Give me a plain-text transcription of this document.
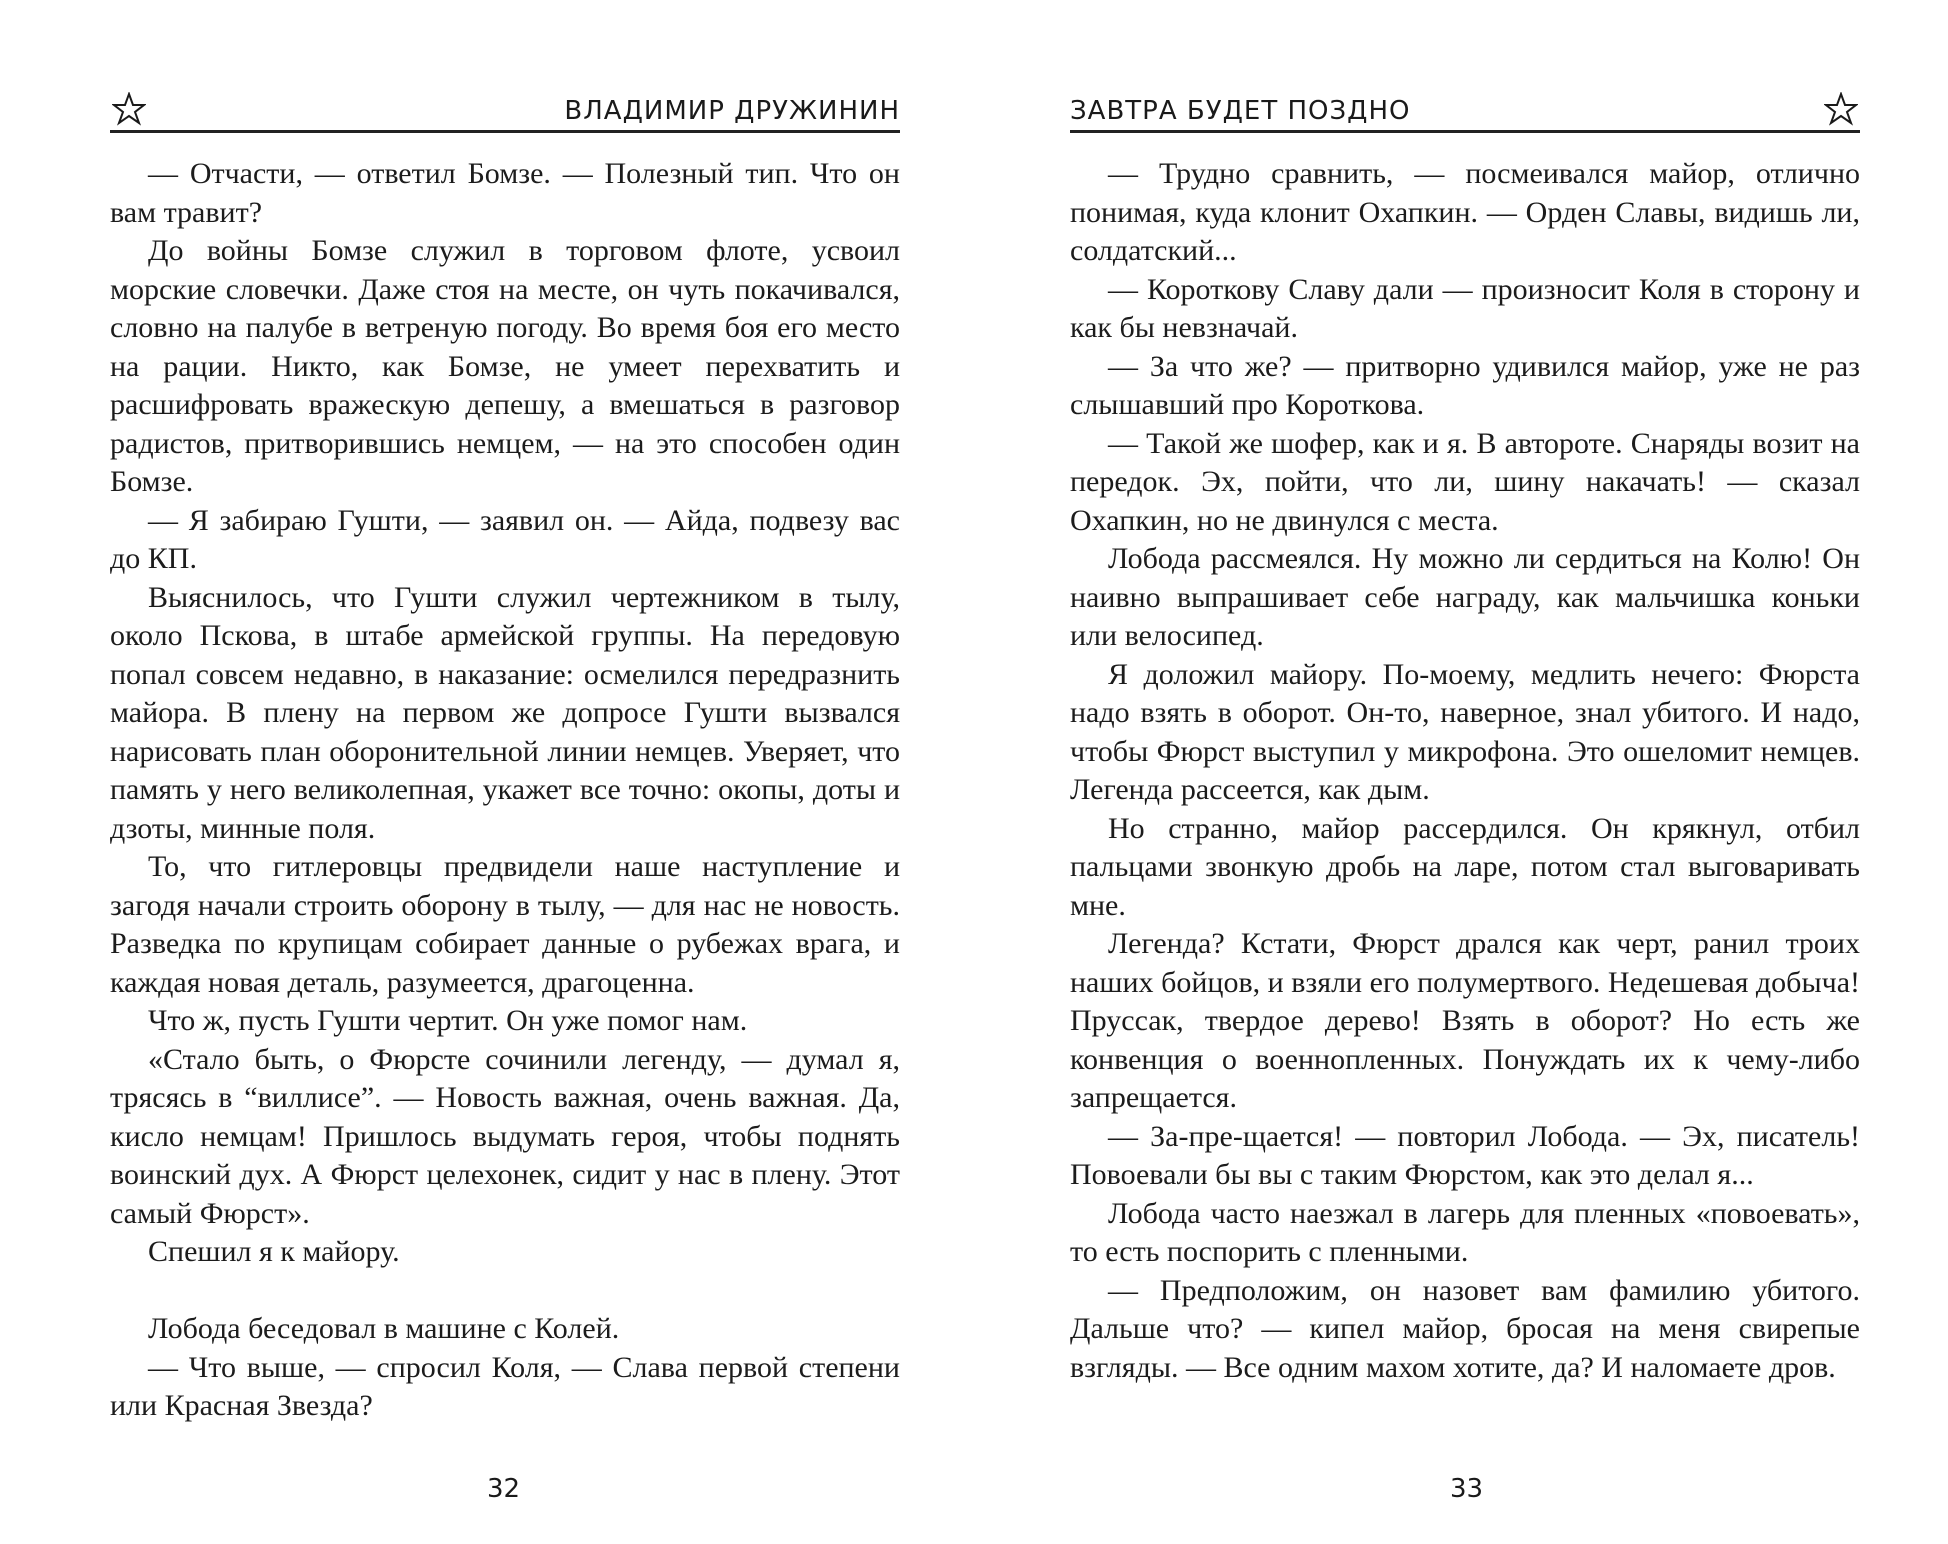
ВЛАДИМИР ДРУЖИНИН

— Отчасти, — ответил Бомзе. — Полезный тип. Что он вам травит?

До войны Бомзе служил в торговом флоте, усвоил морские словечки. Даже стоя на месте, он чуть покачивался, словно на палубе в ветреную погоду. Во время боя его место на рации. Никто, как Бомзе, не умеет перехватить и расшифровать вражескую депешу, а вмешаться в разговор радистов, притворившись немцем, — на это способен один Бомзе.

— Я забираю Гушти, — заявил он. — Айда, подвезу вас до КП.

Выяснилось, что Гушти служил чертежником в тылу, около Пскова, в штабе армейской группы. На передовую попал совсем недавно, в наказание: осмелился передразнить майора. В плену на первом же допросе Гушти вызвался нарисовать план оборонительной линии немцев. Уверяет, что память у него великолепная, укажет все точно: окопы, доты и дзоты, минные поля.

То, что гитлеровцы предвидели наше наступление и загодя начали строить оборону в тылу, — для нас не новость. Разведка по крупицам собирает данные о рубежах врага, и каждая новая деталь, разумеется, драгоценна.

Что ж, пусть Гушти чертит. Он уже помог нам.

«Стало быть, о Фюрсте сочинили легенду, — думал я, трясясь в “виллисе”. — Новость важная, очень важная. Да, кисло немцам! Пришлось выдумать героя, чтобы поднять воинский дух. А Фюрст целехонек, сидит у нас в плену. Этот самый Фюрст».

Спешил я к майору.

Лобода беседовал в машине с Колей.

— Что выше, — спросил Коля, — Слава первой степени или Красная Звезда?

32
ЗАВТРА БУДЕТ ПОЗДНО

— Трудно сравнить, — посмеивался майор, отлично понимая, куда клонит Охапкин. — Орден Славы, видишь ли, солдатский...

— Короткову Славу дали — произносит Коля в сторону и как бы невзначай.

— За что же? — притворно удивился майор, уже не раз слышавший про Короткова.

— Такой же шофер, как и я. В автороте. Снаряды возит на передок. Эх, пойти, что ли, шину накачать! — сказал Охапкин, но не двинулся с места.

Лобода рассмеялся. Ну можно ли сердиться на Колю! Он наивно выпрашивает себе награду, как мальчишка коньки или велосипед.

Я доложил майору. По-моему, медлить нечего: Фюрста надо взять в оборот. Он-то, наверное, знал убитого. И надо, чтобы Фюрст выступил у микрофона. Это ошеломит немцев. Легенда рассеется, как дым.

Но странно, майор рассердился. Он крякнул, отбил пальцами звонкую дробь на ларе, потом стал выговаривать мне.

Легенда? Кстати, Фюрст дрался как черт, ранил троих наших бойцов, и взяли его полумертвого. Недешевая добыча! Пруссак, твердое дерево! Взять в оборот? Но есть же конвенция о военнопленных. Понуждать их к чему-либо запрещается.

— За-пре-щается! — повторил Лобода. — Эх, писатель! Повоевали бы вы с таким Фюрстом, как это делал я...

Лобода часто наезжал в лагерь для пленных «повоевать», то есть поспорить с пленными.

— Предположим, он назовет вам фамилию убитого. Дальше что? — кипел майор, бросая на меня свирепые взгляды. — Все одним махом хотите, да? И наломаете дров.

33
